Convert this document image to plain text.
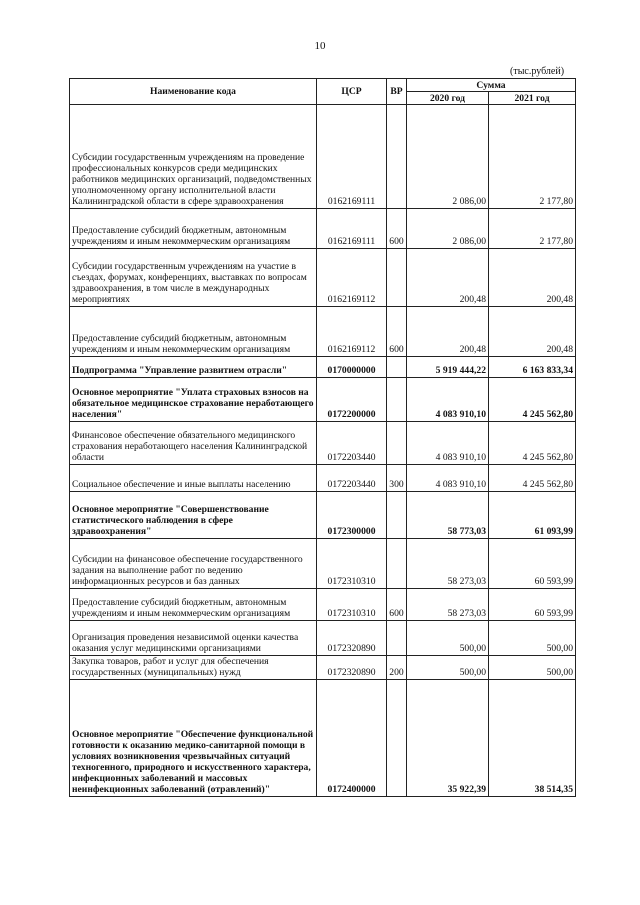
10
(тыс.рублей)
Наименование кода	ЦСР	ВР	Сумма	
			2020 год	2021 год
Субсидии государственным учреждениям на проведение профессиональных конкурсов среди медицинских работников медицинских организаций, подведомственных уполномоченному органу исполнительной власти Калининградской области в сфере здравоохранения	0162169111		2 086,00	2 177,80
Предоставление субсидий бюджетным, автономным учреждениям и иным некоммерческим организациям	0162169111	600	2 086,00	2 177,80
Субсидии государственным учреждениям на участие в съездах, форумах, конференциях, выставках по вопросам здравоохранения, в том числе в международных мероприятиях	0162169112		200,48	200,48
Предоставление субсидий бюджетным, автономным учреждениям и иным некоммерческим организациям	0162169112	600	200,48	200,48
Подпрограмма "Управление развитием отрасли"	0170000000		5 919 444,22	6 163 833,34
Основное мероприятие "Уплата страховых взносов на обязательное медицинское страхование неработающего населения"	0172200000		4 083 910,10	4 245 562,80
Финансовое обеспечение обязательного медицинского страхования неработающего населения Калининградской области	0172203440		4 083 910,10	4 245 562,80
Социальное обеспечение и иные выплаты населению	0172203440	300	4 083 910,10	4 245 562,80
Основное мероприятие "Совершенствование статистического наблюдения в сфере здравоохранения"	0172300000		58 773,03	61 093,99
Субсидии на финансовое обеспечение государственного задания на выполнение работ по ведению информационных ресурсов и баз данных	0172310310		58 273,03	60 593,99
Предоставление субсидий бюджетным, автономным учреждениям и иным некоммерческим организациям	0172310310	600	58 273,03	60 593,99
Организация проведения независимой оценки качества оказания услуг медицинскими организациями	0172320890		500,00	500,00
Закупка товаров, работ и услуг для обеспечения государственных (муниципальных) нужд	0172320890	200	500,00	500,00
Основное мероприятие "Обеспечение функциональной готовности к оказанию медико-санитарной помощи в условиях возникновения чрезвычайных ситуаций техногенного, природного и искусственного характера, инфекционных заболеваний и массовых неинфекционных заболеваний (отравлений)"	0172400000		35 922,39	38 514,35
